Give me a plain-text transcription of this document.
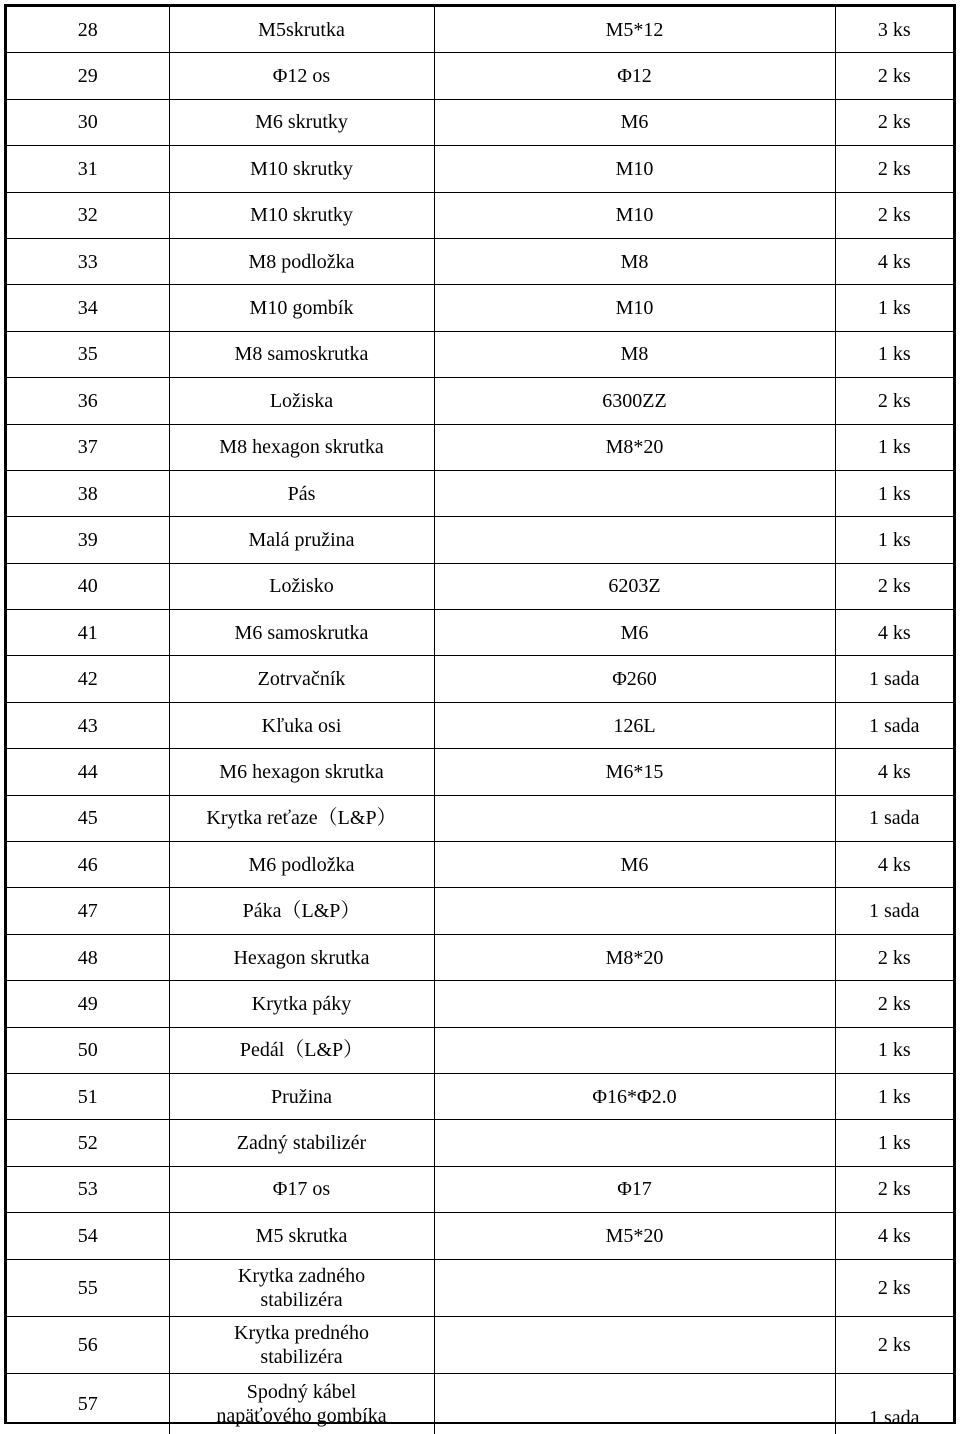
28	M5skrutka	M5*12	3 ks
29	Φ12 os	Φ12	2 ks
30	M6 skrutky	M6	2 ks
31	M10 skrutky	M10	2 ks
32	M10 skrutky	M10	2 ks
33	M8 podložka	M8	4 ks
34	M10 gombík	M10	1 ks
35	M8 samoskrutka	M8	1 ks
36	Ložiska	6300ZZ	2 ks
37	M8 hexagon skrutka	M8*20	1 ks
38	Pás		1 ks
39	Malá pružina		1 ks
40	Ložisko	6203Z	2 ks
41	M6 samoskrutka	M6	4 ks
42	Zotrvačník	Φ260	1 sada
43	Kľuka osi	126L	1 sada
44	M6 hexagon skrutka	M6*15	4 ks
45	Krytka reťaze（L&P）		1 sada
46	M6 podložka	M6	4 ks
47	Páka（L&P）		1 sada
48	Hexagon skrutka	M8*20	2 ks
49	Krytka páky		2 ks
50	Pedál（L&P）		1 ks
51	Pružina	Φ16*Φ2.0	1 ks
52	Zadný stabilizér		1 ks
53	Φ17 os	Φ17	2 ks
54	M5 skrutka	M5*20	4 ks
55	Krytka zadného
stabilizéra		2 ks
56	Krytka predného
stabilizéra		2 ks
57	Spodný kábel
napäťového gombíka		1 sada
